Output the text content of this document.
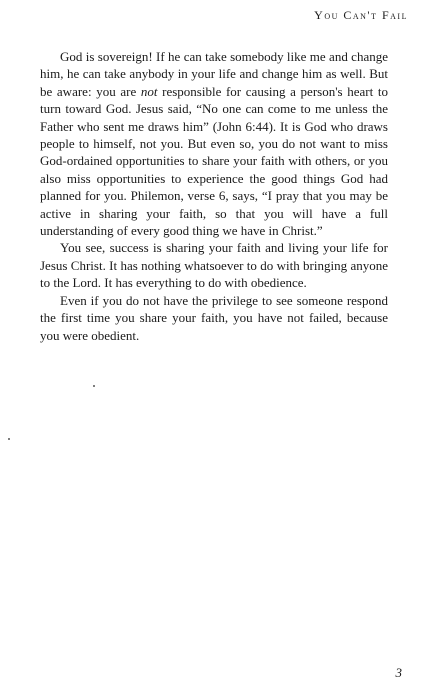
You Can't Fail

God is sovereign! If he can take somebody like me and change him, he can take anybody in your life and change him as well. But be aware: you are not responsible for causing a person's heart to turn toward God. Jesus said, “No one can come to me unless the Father who sent me draws him” (John 6:44). It is God who draws people to himself, not you. But even so, you do not want to miss God-ordained opportunities to share your faith with others, or you also miss opportunities to experience the good things God had planned for you. Philemon, verse 6, says, “I pray that you may be active in sharing your faith, so that you will have a full understanding of every good thing we have in Christ.”

You see, success is sharing your faith and living your life for Jesus Christ. It has nothing whatsoever to do with bringing anyone to the Lord. It has everything to do with obedience.

Even if you do not have the privilege to see someone respond the first time you share your faith, you have not failed, because you were obedient.

3
